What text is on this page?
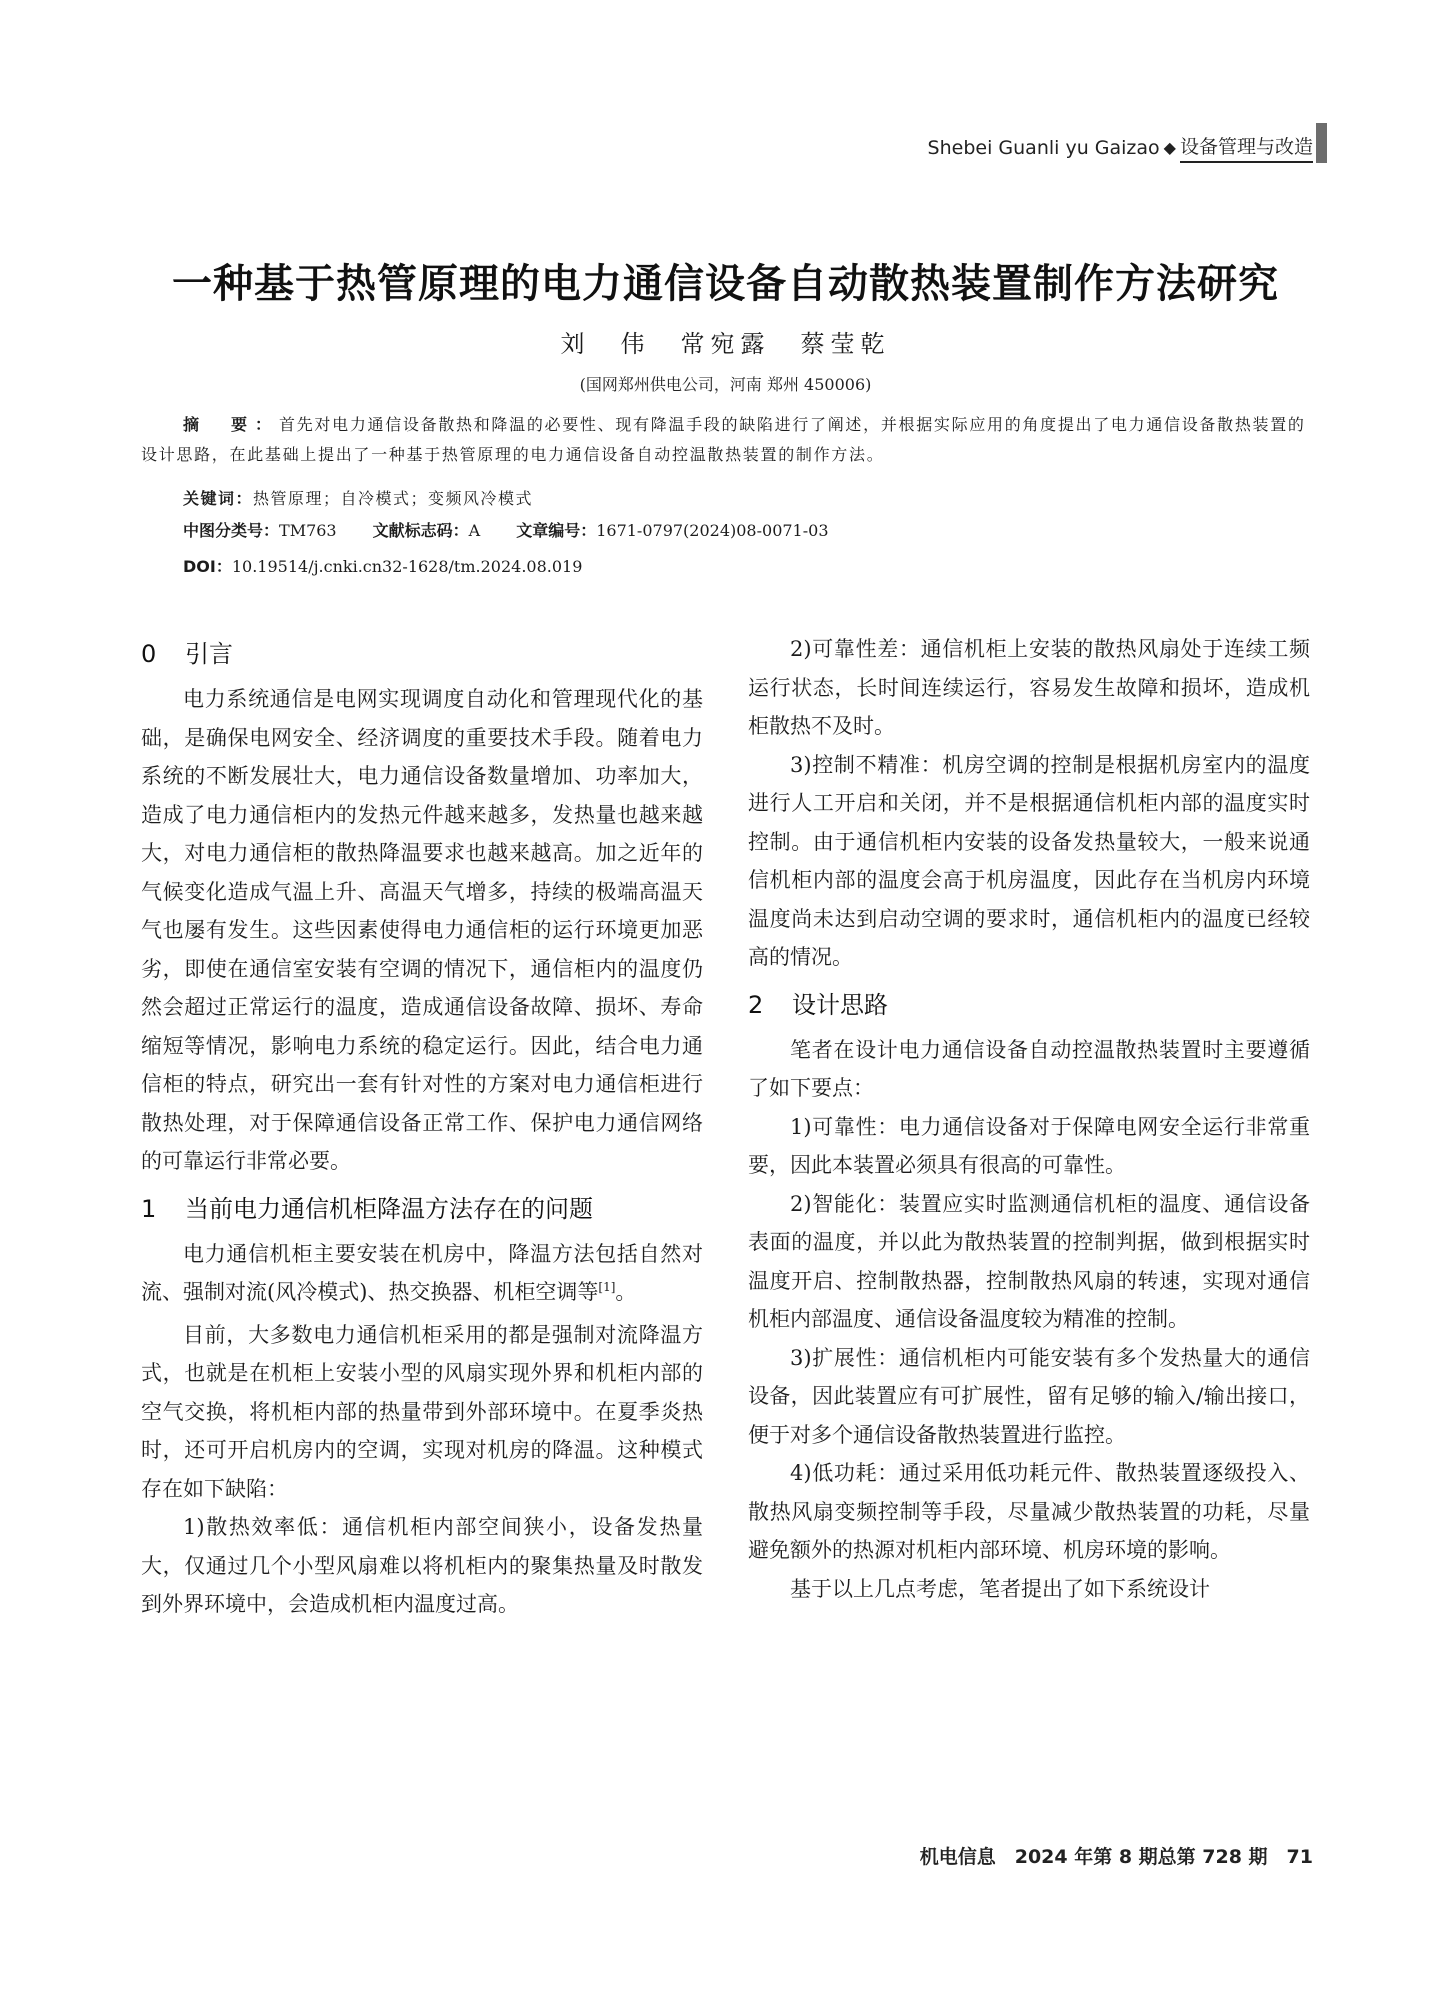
Shebei Guanli yu Gaizao ◆ 设备管理与改造
一种基于热管原理的电力通信设备自动散热装置制作方法研究
刘　伟　常宛露　蔡莹乾
(国网郑州供电公司，河南 郑州 450006)
摘　要：首先对电力通信设备散热和降温的必要性、现有降温手段的缺陷进行了阐述，并根据实际应用的角度提出了电力通信设备散热装置的设计思路，在此基础上提出了一种基于热管原理的电力通信设备自动控温散热装置的制作方法。
关键词：热管原理；自冷模式；变频风冷模式
中图分类号：TM763 文献标志码：A 文章编号：1671-0797(2024)08-0071-03
DOI：10.19514/j.cnki.cn32-1628/tm.2024.08.019
0 引言

电力系统通信是电网实现调度自动化和管理现代化的基础，是确保电网安全、经济调度的重要技术手段。随着电力系统的不断发展壮大，电力通信设备数量增加、功率加大，造成了电力通信柜内的发热元件越来越多，发热量也越来越大，对电力通信柜的散热降温要求也越来越高。加之近年的气候变化造成气温上升、高温天气增多，持续的极端高温天气也屡有发生。这些因素使得电力通信柜的运行环境更加恶劣，即使在通信室安装有空调的情况下，通信柜内的温度仍然会超过正常运行的温度，造成通信设备故障、损坏、寿命缩短等情况，影响电力系统的稳定运行。因此，结合电力通信柜的特点，研究出一套有针对性的方案对电力通信柜进行散热处理，对于保障通信设备正常工作、保护电力通信网络的可靠运行非常必要。

1 当前电力通信机柜降温方法存在的问题

电力通信机柜主要安装在机房中，降温方法包括自然对流、强制对流(风冷模式)、热交换器、机柜空调等[1]。

目前，大多数电力通信机柜采用的都是强制对流降温方式，也就是在机柜上安装小型的风扇实现外界和机柜内部的空气交换，将机柜内部的热量带到外部环境中。在夏季炎热时，还可开启机房内的空调，实现对机房的降温。这种模式存在如下缺陷：

1)散热效率低：通信机柜内部空间狭小，设备发热量大，仅通过几个小型风扇难以将机柜内的聚集热量及时散发到外界环境中，会造成机柜内温度过高。

2)可靠性差：通信机柜上安装的散热风扇处于连续工频运行状态，长时间连续运行，容易发生故障和损坏，造成机柜散热不及时。

3)控制不精准：机房空调的控制是根据机房室内的温度进行人工开启和关闭，并不是根据通信机柜内部的温度实时控制。由于通信机柜内安装的设备发热量较大，一般来说通信机柜内部的温度会高于机房温度，因此存在当机房内环境温度尚未达到启动空调的要求时，通信机柜内的温度已经较高的情况。

2 设计思路

笔者在设计电力通信设备自动控温散热装置时主要遵循了如下要点：

1)可靠性：电力通信设备对于保障电网安全运行非常重要，因此本装置必须具有很高的可靠性。

2)智能化：装置应实时监测通信机柜的温度、通信设备表面的温度，并以此为散热装置的控制判据，做到根据实时温度开启、控制散热器，控制散热风扇的转速，实现对通信机柜内部温度、通信设备温度较为精准的控制。

3)扩展性：通信机柜内可能安装有多个发热量大的通信设备，因此装置应有可扩展性，留有足够的输入/输出接口，便于对多个通信设备散热装置进行监控。

4)低功耗：通过采用低功耗元件、散热装置逐级投入、散热风扇变频控制等手段，尽量减少散热装置的功耗，尽量避免额外的热源对机柜内部环境、机房环境的影响。

基于以上几点考虑，笔者提出了如下系统设计

机电信息　2024 年第 8 期总第 728 期　71
